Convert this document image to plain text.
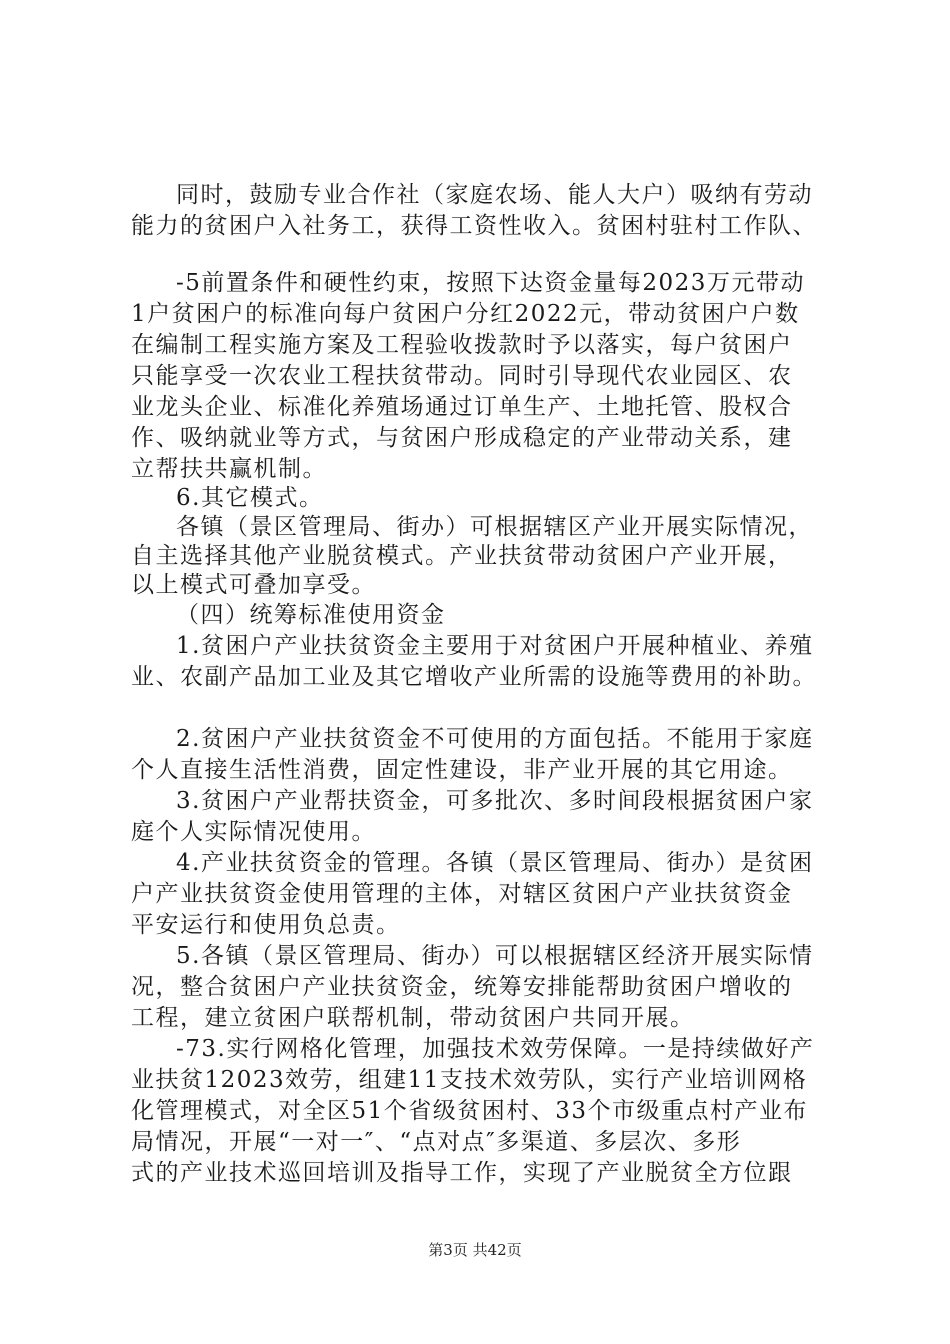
同时，鼓励专业合作社（家庭农场、能人大户）吸纳有劳动
能力的贫困户入社务工，获得工资性收入。贫困村驻村工作队、
-5前置条件和硬性约束，按照下达资金量每2023万元带动
1户贫困户的标准向每户贫困户分红2022元，带动贫困户户数
在编制工程实施方案及工程验收拨款时予以落实，每户贫困户
只能享受一次农业工程扶贫带动。同时引导现代农业园区、农
业龙头企业、标准化养殖场通过订单生产、土地托管、股权合
作、吸纳就业等方式，与贫困户形成稳定的产业带动关系，建
立帮扶共赢机制。
6.其它模式。
各镇（景区管理局、街办）可根据辖区产业开展实际情况，
自主选择其他产业脱贫模式。产业扶贫带动贫困户产业开展，
以上模式可叠加享受。
（四）统筹标准使用资金
1.贫困户产业扶贫资金主要用于对贫困户开展种植业、养殖
业、农副产品加工业及其它增收产业所需的设施等费用的补助。
2.贫困户产业扶贫资金不可使用的方面包括。不能用于家庭
个人直接生活性消费，固定性建设，非产业开展的其它用途。
3.贫困户产业帮扶资金，可多批次、多时间段根据贫困户家
庭个人实际情况使用。
4.产业扶贫资金的管理。各镇（景区管理局、街办）是贫困
户产业扶贫资金使用管理的主体，对辖区贫困户产业扶贫资金
平安运行和使用负总责。
5.各镇（景区管理局、街办）可以根据辖区经济开展实际情
况，整合贫困户产业扶贫资金，统筹安排能帮助贫困户增收的
工程，建立贫困户联帮机制，带动贫困户共同开展。
-73.实行网格化管理，加强技术效劳保障。一是持续做好产
业扶贫12023效劳，组建11支技术效劳队，实行产业培训网格
化管理模式，对全区51个省级贫困村、33个市级重点村产业布
局情况，开展“一对一″、“点对点″多渠道、多层次、多形
式的产业技术巡回培训及指导工作，实现了产业脱贫全方位跟
第3页 共42页
